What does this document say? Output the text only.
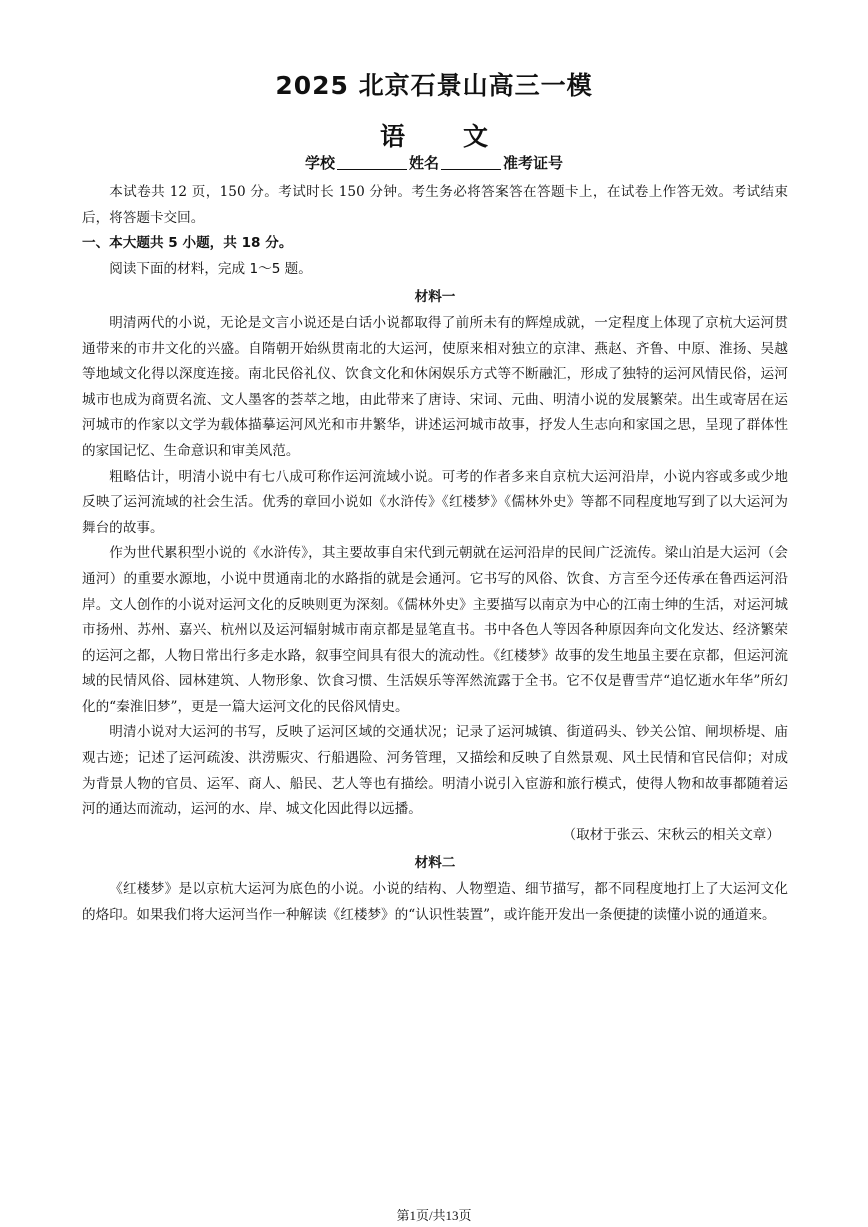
2025 北京石景山高三一模
语 文
学校	姓名	准考证号

本试卷共 12 页，150 分。考试时长 150 分钟。考生务必将答案答在答题卡上，在试卷上作答无效。考试结束后，将答题卡交回。

一、本大题共 5 小题，共 18 分。

阅读下面的材料，完成 1～5 题。

材料一

明清两代的小说，无论是文言小说还是白话小说都取得了前所未有的辉煌成就，一定程度上体现了京杭大运河贯通带来的市井文化的兴盛。自隋朝开始纵贯南北的大运河，使原来相对独立的京津、燕赵、齐鲁、中原、淮扬、吴越等地域文化得以深度连接。南北民俗礼仪、饮食文化和休闲娱乐方式等不断融汇，形成了独特的运河风情民俗，运河城市也成为商贾名流、文人墨客的荟萃之地，由此带来了唐诗、宋词、元曲、明清小说的发展繁荣。出生或寄居在运河城市的作家以文学为载体描摹运河风光和市井繁华，讲述运河城市故事，抒发人生志向和家国之思，呈现了群体性的家国记忆、生命意识和审美风范。

粗略估计，明清小说中有七八成可称作运河流域小说。可考的作者多来自京杭大运河沿岸，小说内容或多或少地反映了运河流域的社会生活。优秀的章回小说如《水浒传》《红楼梦》《儒林外史》等都不同程度地写到了以大运河为舞台的故事。

作为世代累积型小说的《水浒传》，其主要故事自宋代到元朝就在运河沿岸的民间广泛流传。梁山泊是大运河（会通河）的重要水源地，小说中贯通南北的水路指的就是会通河。它书写的风俗、饮食、方言至今还传承在鲁西运河沿岸。文人创作的小说对运河文化的反映则更为深刻。《儒林外史》主要描写以南京为中心的江南士绅的生活，对运河城市扬州、苏州、嘉兴、杭州以及运河辐射城市南京都是显笔直书。书中各色人等因各种原因奔向文化发达、经济繁荣的运河之都，人物日常出行多走水路，叙事空间具有很大的流动性。《红楼梦》故事的发生地虽主要在京都，但运河流域的民情风俗、园林建筑、人物形象、饮食习惯、生活娱乐等浑然流露于全书。它不仅是曹雪芹“追忆逝水年华”所幻化的“秦淮旧梦”，更是一篇大运河文化的民俗风情史。

明清小说对大运河的书写，反映了运河区域的交通状况；记录了运河城镇、街道码头、钞关公馆、闸坝桥堤、庙观古迹；记述了运河疏浚、洪涝赈灾、行船遇险、河务管理，又描绘和反映了自然景观、风土民情和官民信仰；对成为背景人物的官员、运军、商人、船民、艺人等也有描绘。明清小说引入宦游和旅行模式，使得人物和故事都随着运河的通达而流动，运河的水、岸、城文化因此得以远播。

（取材于张云、宋秋云的相关文章）

材料二

《红楼梦》是以京杭大运河为底色的小说。小说的结构、人物塑造、细节描写，都不同程度地打上了大运河文化的烙印。如果我们将大运河当作一种解读《红楼梦》的“认识性装置”，或许能开发出一条便捷的读懂小说的通道来。

第1页/共13页
